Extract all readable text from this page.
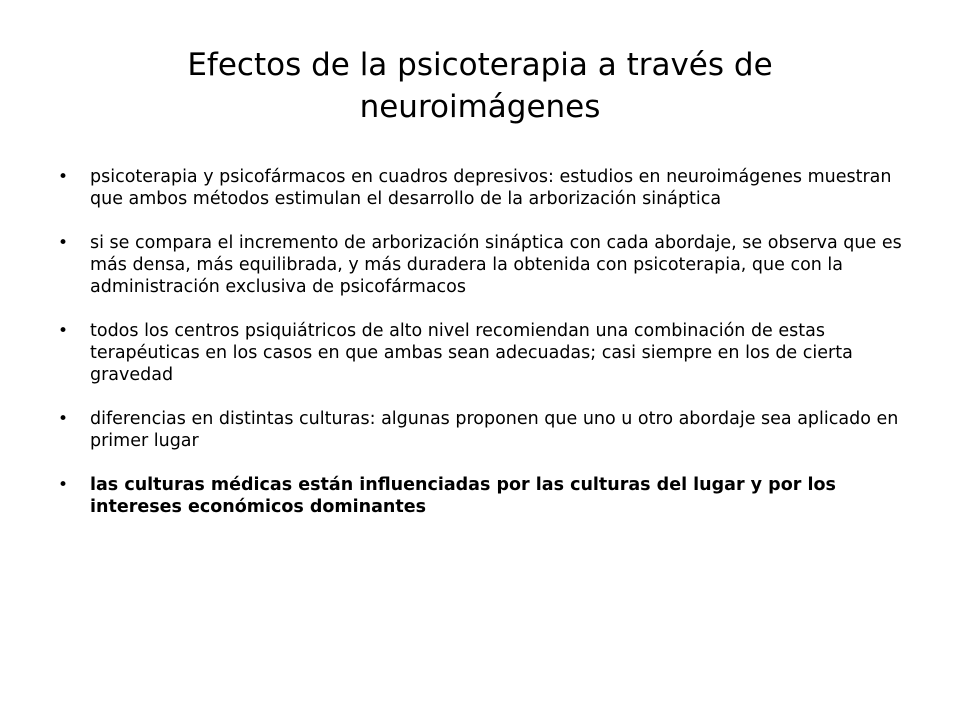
Efectos de la psicoterapia a través de neuroimágenes
•	psicoterapia y psicofármacos en cuadros depresivos: estudios en neuroimágenes muestran que ambos métodos estimulan el desarrollo de la arborización sináptica
•	si se compara el incremento de arborización sináptica con cada abordaje, se observa que es más densa, más equilibrada, y más duradera la obtenida con psicoterapia, que con la administración exclusiva de psicofármacos
•	todos los centros psiquiátricos de alto nivel recomiendan una combinación de estas terapéuticas en los casos en que ambas sean adecuadas; casi siempre en los de cierta gravedad
•	diferencias en distintas culturas: algunas proponen que uno u otro abordaje sea aplicado en primer lugar
•	las culturas médicas están influenciadas por las culturas del lugar y por los intereses económicos dominantes
